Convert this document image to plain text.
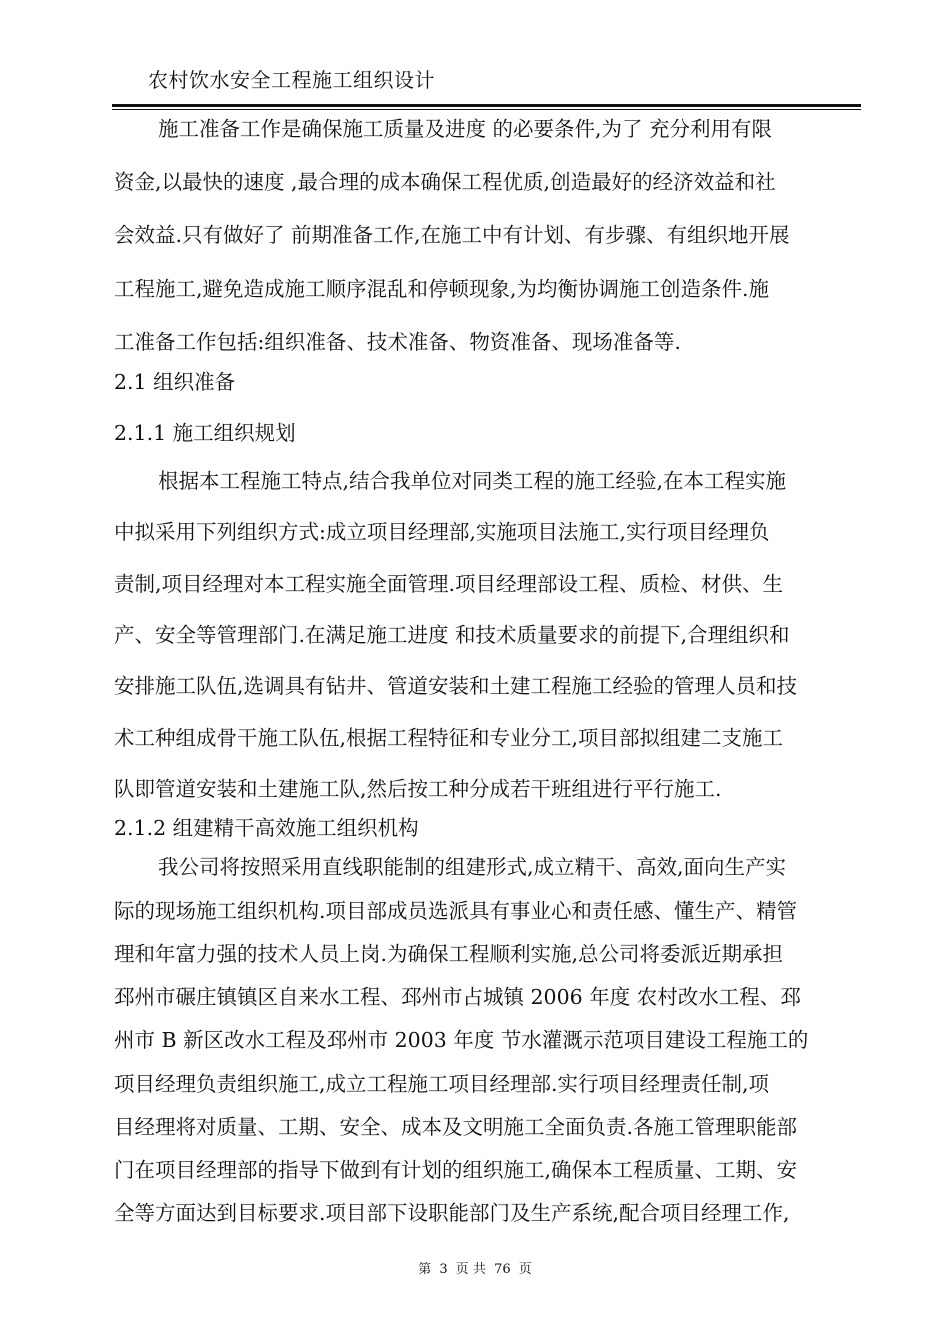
农村饮水安全工程施工组织设计
施工准备工作是确保施工质量及进度 的必要条件,为了 充分利用有限
资金,以最快的速度 ,最合理的成本确保工程优质,创造最好的经济效益和社
会效益.只有做好了 前期准备工作,在施工中有计划、有步骤、有组织地开展
工程施工,避免造成施工顺序混乱和停顿现象,为均衡协调施工创造条件.施
工准备工作包括:组织准备、技术准备、物资准备、现场准备等.
2.1 组织准备
2.1.1 施工组织规划
根据本工程施工特点,结合我单位对同类工程的施工经验,在本工程实施
中拟采用下列组织方式:成立项目经理部,实施项目法施工,实行项目经理负
责制,项目经理对本工程实施全面管理.项目经理部设工程、质检、材供、生
产、安全等管理部门.在满足施工进度 和技术质量要求的前提下,合理组织和
安排施工队伍,选调具有钻井、管道安装和土建工程施工经验的管理人员和技
术工种组成骨干施工队伍,根据工程特征和专业分工,项目部拟组建二支施工
队即管道安装和土建施工队,然后按工种分成若干班组进行平行施工.
2.1.2 组建精干高效施工组织机构
我公司将按照采用直线职能制的组建形式,成立精干、高效,面向生产实
际的现场施工组织机构.项目部成员选派具有事业心和责任感、懂生产、精管
理和年富力强的技术人员上岗.为确保工程顺利实施,总公司将委派近期承担
邳州市碾庄镇镇区自来水工程、邳州市占城镇 2006 年度 农村改水工程、邳
州市 B 新区改水工程及邳州市 2003 年度 节水灌溉示范项目建设工程施工的
项目经理负责组织施工,成立工程施工项目经理部.实行项目经理责任制,项
目经理将对质量、工期、安全、成本及文明施工全面负责.各施工管理职能部
门在项目经理部的指导下做到有计划的组织施工,确保本工程质量、工期、安
全等方面达到目标要求.项目部下设职能部门及生产系统,配合项目经理工作,
第 3 页 共 76 页
